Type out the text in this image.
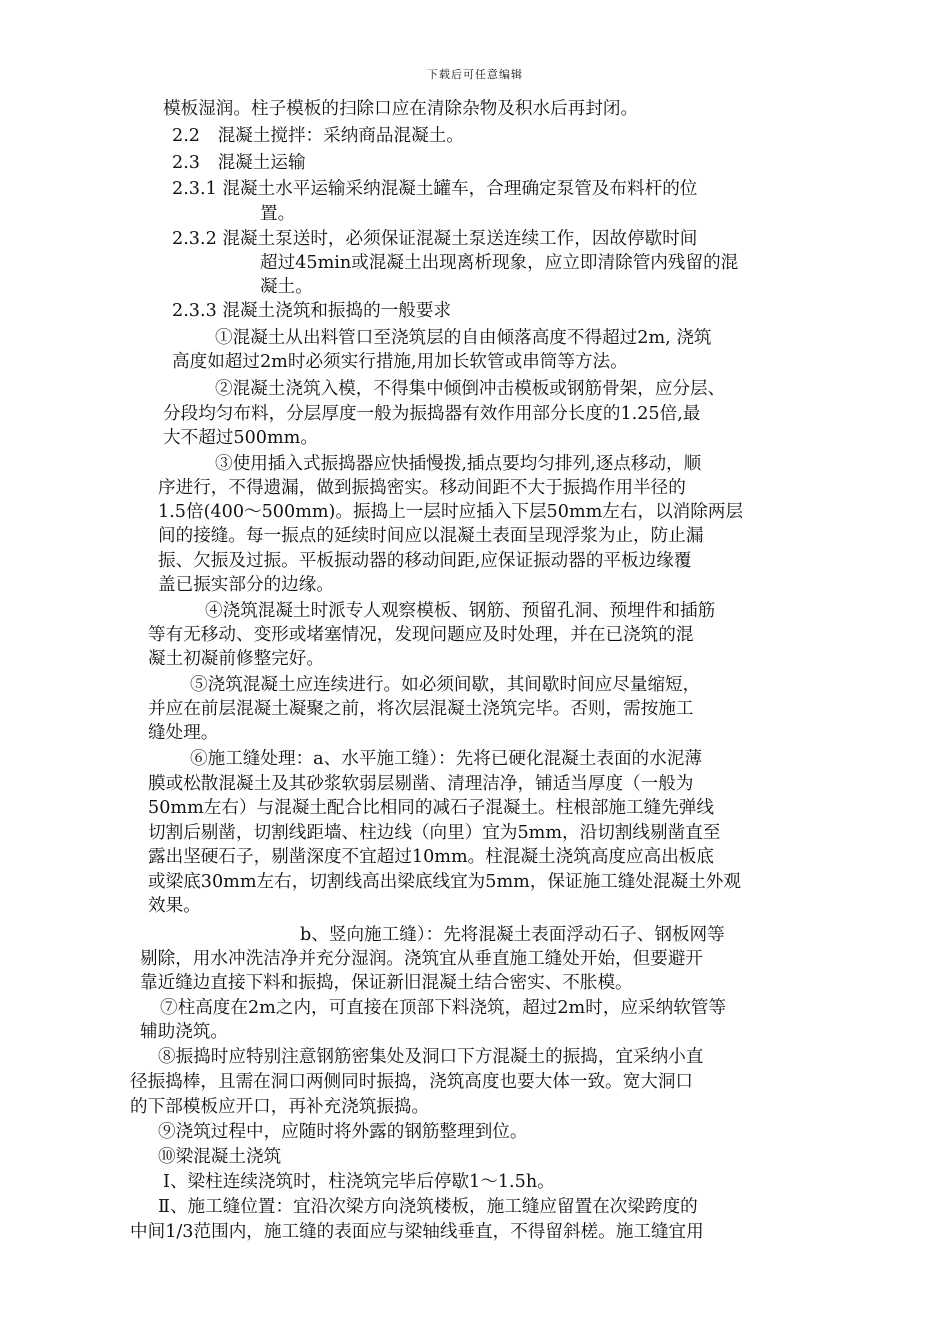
下载后可任意编辑
模板湿润。柱子模板的扫除口应在清除杂物及积水后再封闭。
2.2　混凝土搅拌：采纳商品混凝土。
2.3　混凝土运输
2.3.1 混凝土水平运输采纳混凝土罐车，合理确定泵管及布料杆的位
置。
2.3.2 混凝土泵送时，必须保证混凝土泵送连续工作，因故停歇时间
超过45min或混凝土出现离析现象，应立即清除管内残留的混
凝土。
2.3.3 混凝土浇筑和振捣的一般要求
①混凝土从出料管口至浇筑层的自由倾落高度不得超过2m, 浇筑
高度如超过2m时必须实行措施,用加长软管或串筒等方法。
②混凝土浇筑入模，不得集中倾倒冲击模板或钢筋骨架，应分层、
分段均匀布料，分层厚度一般为振捣器有效作用部分长度的1.25倍,最
大不超过500mm。
③使用插入式振捣器应快插慢拨,插点要均匀排列,逐点移动，顺
序进行，不得遗漏，做到振捣密实。移动间距不大于振捣作用半径的
1.5倍(400～500mm)。振捣上一层时应插入下层50mm左右，以消除两层
间的接缝。每一振点的延续时间应以混凝土表面呈现浮浆为止，防止漏
振、欠振及过振。平板振动器的移动间距,应保证振动器的平板边缘覆
盖已振实部分的边缘。
④浇筑混凝土时派专人观察模板、钢筋、预留孔洞、预埋件和插筋
等有无移动、变形或堵塞情况，发现问题应及时处理，并在已浇筑的混
凝土初凝前修整完好。
⑤浇筑混凝土应连续进行。如必须间歇，其间歇时间应尽量缩短，
并应在前层混凝土凝聚之前，将次层混凝土浇筑完毕。否则，需按施工
缝处理。
⑥施工缝处理：a、水平施工缝）：先将已硬化混凝土表面的水泥薄
膜或松散混凝土及其砂浆软弱层剔凿、清理洁净，铺适当厚度（一般为
50mm左右）与混凝土配合比相同的减石子混凝土。柱根部施工缝先弹线
切割后剔凿，切割线距墙、柱边线（向里）宜为5mm，沿切割线剔凿直至
露出坚硬石子，剔凿深度不宜超过10mm。柱混凝土浇筑高度应高出板底
或梁底30mm左右，切割线高出梁底线宜为5mm，保证施工缝处混凝土外观
效果。
b、竖向施工缝）：先将混凝土表面浮动石子、钢板网等
剔除，用水冲洗洁净并充分湿润。浇筑宜从垂直施工缝处开始，但要避开
靠近缝边直接下料和振捣，保证新旧混凝土结合密实、不胀模。
⑦柱高度在2m之内，可直接在顶部下料浇筑，超过2m时，应采纳软管等
辅助浇筑。
⑧振捣时应特别注意钢筋密集处及洞口下方混凝土的振捣，宜采纳小直
径振捣棒，且需在洞口两侧同时振捣，浇筑高度也要大体一致。宽大洞口
的下部模板应开口，再补充浇筑振捣。
⑨浇筑过程中，应随时将外露的钢筋整理到位。
⑩梁混凝土浇筑
Ⅰ、梁柱连续浇筑时，柱浇筑完毕后停歇1～1.5h。
Ⅱ、施工缝位置：宜沿次梁方向浇筑楼板，施工缝应留置在次梁跨度的
中间1/3范围内，施工缝的表面应与梁轴线垂直，不得留斜槎。施工缝宜用
